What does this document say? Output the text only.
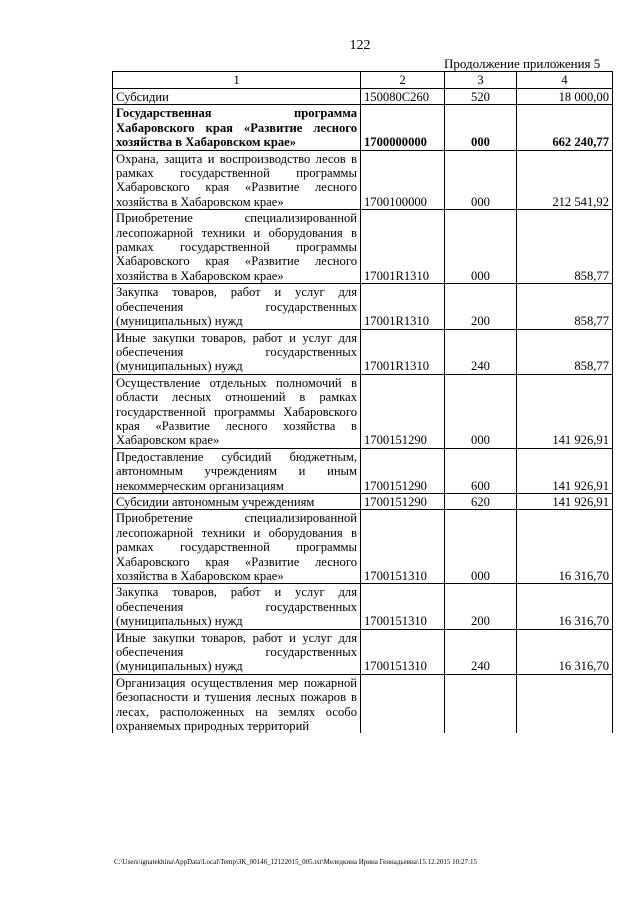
122
Продолжение приложения 5
1	2	3	4
Субсидии	150080С260	520	18 000,00
Государственная программа Хабаровского края «Развитие лесного хозяйства в Хабаровском крае»	1700000000	000	662 240,77
Охрана, защита и воспроизводство лесов в рамках государственной программы Хабаровского края «Развитие лесного хозяйства в Хабаровском крае»	1700100000	000	212 541,92
Приобретение специализированной лесопожарной техники и оборудования в рамках государственной программы Хабаровского края «Развитие лесного хозяйства в Хабаровском крае»	17001R1310	000	858,77
Закупка товаров, работ и услуг для обеспечения государственных (муниципальных) нужд	17001R1310	200	858,77
Иные закупки товаров, работ и услуг для обеспечения государственных (муниципальных) нужд	17001R1310	240	858,77
Осуществление отдельных полномочий в области лесных отношений в рамках государственной программы Хабаровского края «Развитие лесного хозяйства в Хабаровском крае»	1700151290	000	141 926,91
Предоставление субсидий бюджетным, автономным учреждениям и иным некоммерческим организациям	1700151290	600	141 926,91
Субсидии автономным учреждениям	1700151290	620	141 926,91
Приобретение специализированной лесопожарной техники и оборудования в рамках государственной программы Хабаровского края «Развитие лесного хозяйства в Хабаровском крае»	1700151310	000	16 316,70
Закупка товаров, работ и услуг для обеспечения государственных (муниципальных) нужд	1700151310	200	16 316,70
Иные закупки товаров, работ и услуг для обеспечения государственных (муниципальных) нужд	1700151310	240	16 316,70
Организация осуществления мер пожарной безопасности и тушения лесных пожаров в лесах, расположенных на землях особо охраняемых природных территорий			
C:\Users\ignatekhina\AppData\Local\Temp\ЗК_00146_12122015_005.txt\Меледкина Ирина Геннадьевна\15.12.2015 10:27:15
